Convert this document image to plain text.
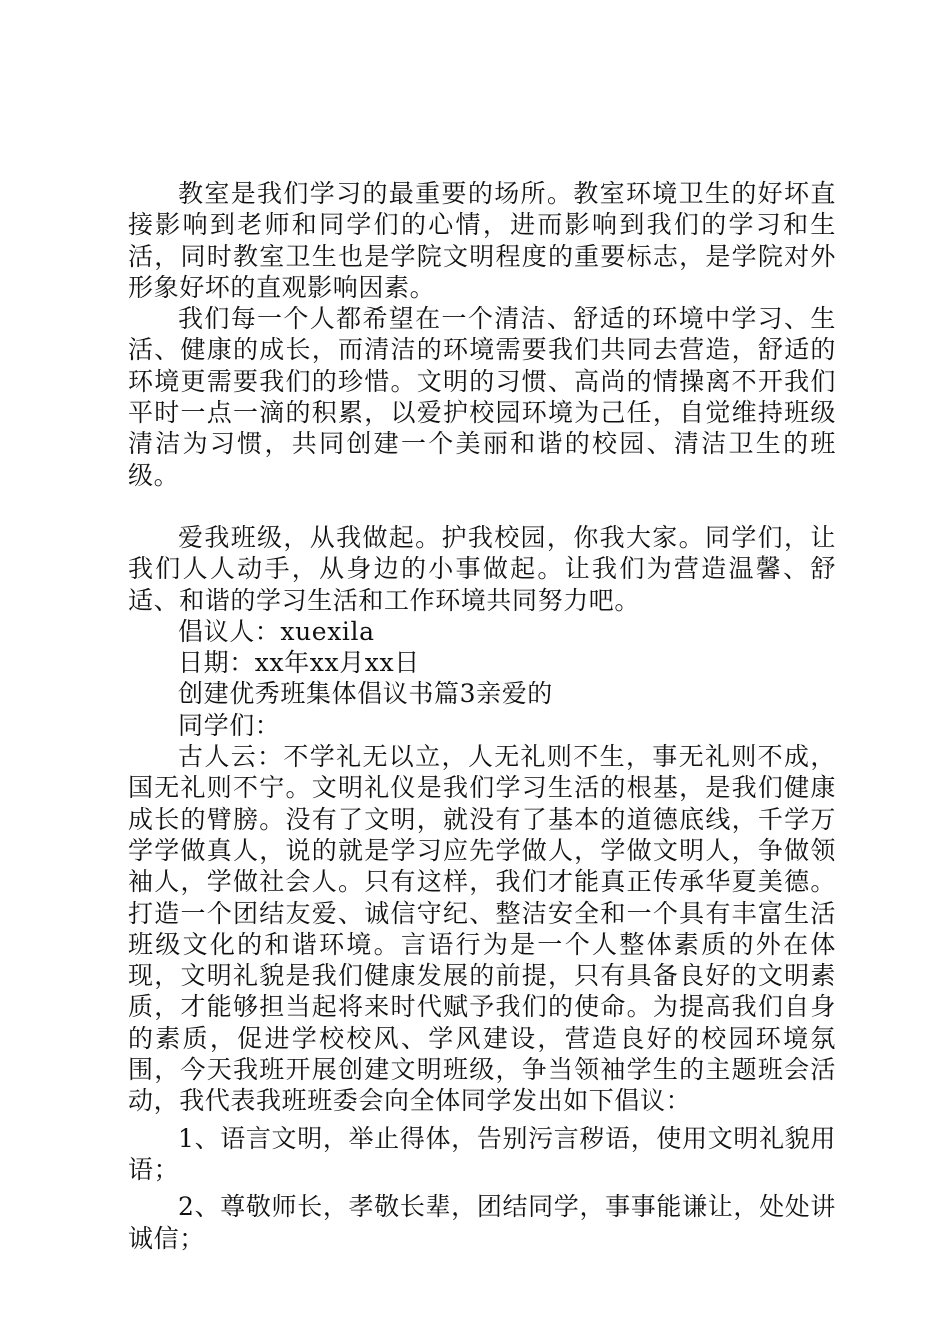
教室是我们学习的最重要的场所。教室环境卫生的好坏直接影响到老师和同学们的心情，进而影响到我们的学习和生活，同时教室卫生也是学院文明程度的重要标志，是学院对外形象好坏的直观影响因素。

我们每一个人都希望在一个清洁、舒适的环境中学习、生活、健康的成长，而清洁的环境需要我们共同去营造，舒适的环境更需要我们的珍惜。文明的习惯、高尚的情操离不开我们平时一点一滴的积累，以爱护校园环境为己任，自觉维持班级清洁为习惯，共同创建一个美丽和谐的校园、清洁卫生的班级。

爱我班级，从我做起。护我校园，你我大家。同学们，让我们人人动手，从身边的小事做起。让我们为营造温馨、舒适、和谐的学习生活和工作环境共同努力吧。

倡议人：xuexila

日期：xx年xx月xx日

创建优秀班集体倡议书篇3亲爱的

同学们：

古人云：不学礼无以立，人无礼则不生，事无礼则不成，国无礼则不宁。文明礼仪是我们学习生活的根基，是我们健康成长的臂膀。没有了文明，就没有了基本的道德底线，千学万学学做真人，说的就是学习应先学做人，学做文明人，争做领袖人，学做社会人。只有这样，我们才能真正传承华夏美德。打造一个团结友爱、诚信守纪、整洁安全和一个具有丰富生活班级文化的和谐环境。言语行为是一个人整体素质的外在体现，文明礼貌是我们健康发展的前提，只有具备良好的文明素质，才能够担当起将来时代赋予我们的使命。为提高我们自身的素质，促进学校校风、学风建设，营造良好的校园环境氛围，今天我班开展创建文明班级，争当领袖学生的主题班会活动，我代表我班班委会向全体同学发出如下倡议：

1、语言文明，举止得体，告别污言秽语，使用文明礼貌用语；

2、尊敬师长，孝敬长辈，团结同学，事事能谦让，处处讲诚信；
